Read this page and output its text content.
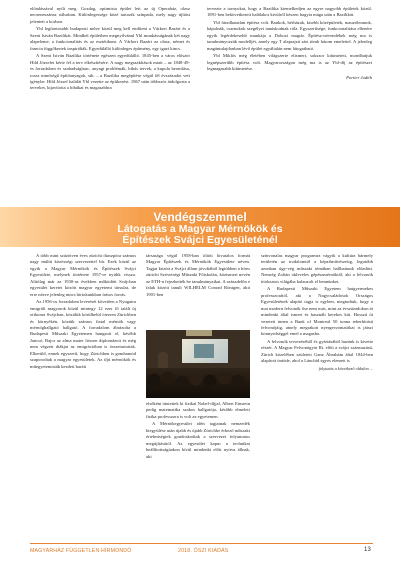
előadássával nyílt meg. Gozdag, optimista épület lett az új Operaház, olasz neoreneszánsz stílusban. Különlegessége közé tartozik színpada, mely nagy újítást jelentett a korban.

Ybl legfontosabb budapesti műve közül meg kell említeni a Várkert Bazárt és a Szent István Bazilikát. Mindkét épületben megnyilvánul Ybl munkásságának két nagy alapeleme, a funkcionalitás és az esztétikum. A Várkert Bazárt az olasz, német és francia függőkertek inspirálták. Egyedülálló különleges építmény, egy igazi kincs.

A Szent István Bazilika története egészen egyedülálló. 1845-ben a város először Hild Józsefet kérte fel a terv elkészítésére. A nagy megszakítások miatt – az 1848-49-es forradalom és szabadságharc, anyagi problémák, hibás tervek, a kupola beomlása, rossz minőségű építőanyagok, stb. – a Bazilika megépítése végül fél évszázadot vett igénybe. Hild József halálát Ybl vezette az építkezést. 1867 után többször átdolgozta a terveket, kijavította a hibákat és magasabbra

tervezte a tornyokat, hogy a Bazilika kiemelkedjen az egyre nagyobb épületek közül. 1891-ben bekövetkezett halálakor kivülről készen hagyta mága után a Bazilikát.

Ybl fáradhatatlan építész volt. Bankok, bérházak, kisebb középületek, mauzóleumok, kápolnák, csarnokok szegélyei tanúskodnak róla. Egyszerűsége, funkcionalitása ellenére egyik legérdekesebb munkája a Dobozi magtár. Építész-növendékek még ma is tanulmányozzák modelljét, amely egy T alaprajzú zárt tömb három emelettel. A jelenleg magántulajdonban lévő épület egyáltalán nem látogatható.

Ybl Miklós még életében világszerte elismert, sokszor kitüntetett, mondhatjuk legnépszerűbb építész volt. Magyarországon még ma is az Ybl-díj az építészet legmagasabb kitüntetése.

Portier Judith
Vendégszemmel
Látogatás a Magyar Mérnökök és Építészek Svájci Egyesületénél

A több mint százötven éves zürichi diaszpóra számos nagy múltú közösségi szervezettel bír. Ezek közül az egyik a Magyar Mérnökök és Építészek Svájci Egyesülete, melynek története 1957-re nyúlik vissza. Alitólag már az 1930-as években működött Svájcban egyesület keretei között magyar egyetemi társulat, de erre nézve jelenleg nincs birtokunkban írásos forrás.

Az 1956-os forradalom leverését követően a Nyugatra emigrált magyarok közül mintegy 12 ezer fő talált új otthonra Svájcban, közülük körülbelül ötezren Zürichben és környékén, köztük számos fiatal mérnök vagy mérnöghallgató hallgató. A forradalom ábrázolta a Budapesti Műszaki Egyetemen hangzott el, később Jancsó, Bajor az alma mater frissen diplomázott és még nem végzett diákjai az emigrációban is összetartottak. Elkerülő, ennek egyszerű, hogy Zürichben is gombamód szaporodtak a magyar egyesületek. Az ifjú mérnökök és műegyetemisták kezdeti baráti

társasága végül 1958-ban öltött hivatalos formát Magyar Építészek és Mérnökök Egyesülete néven. Tagjai között a Svájci állam jóvoltából legtöbben a híres zürichi Szövetségi Műszaki Főiskolán, közismert nevén az ETH-n fejezhették be tanulmányaikat. A századelőn e falak között tanult WILHELM Conrad Röntgen, akit 1901-ben

elsőként tüntettek ki fizikai Nobel-díjjal, Albert Einstein pedig matematika szakos hallgatója, később elmeleti fizika professzora is volt az egyetemen.

A Mérnökegyesület idén tagjainak nemzedék kiegyülése után újabb és újabb Zürichbe érkező műszaki értelmiségiek gondoskodtak a szervezet folyamatos megújításáról. Az egyesület kapui a technikai beállítottságúakon kívül mindenki előtt nyitva állnak, aki

színvonalas magyar programra vágyik a kultúra bármely területén az irodalomtól a képzőművészetig, legutóbb azonban úgy-vég műszaki témában hallhattunk előadást. Nemrég Zoltán okleveles gépészmérnöktől, aki a felvonók titokzatos világába kalauzolt el bennünket.

A Budapesti Műszaki Egyetem hatgyermekes professzorától, aki a Nagycsaládosok Országos Egyesületének alapító tagja is egyben, megtudtuk, hogy a mai modern felvonók őse nem más, mint az évszázadokon át mindenki által ismert és használt kerekes kút. Hosszú út vezetett innen a Bank of Montreal 50 tonna teherbírású felvonójáig, amely megrakott nyergesvontatókat is játszi könnyedséggel emel a magasba.

A felvonók tervezéséből és gyártásából hazánk is kivette részét. A Magyar Felvonógyár Rt. előtt a svájci származású, Zürich közelében született Ganz Ábrahám által 1844-ben alapított öntöde, ahol a Lánchíd egyes elemeit is

folytatás a következő oldalon ...
MAGYARHÁZ FÜGGETLEN HÍRMONDÓ	2018. ŐSZI KIADÁS	13
